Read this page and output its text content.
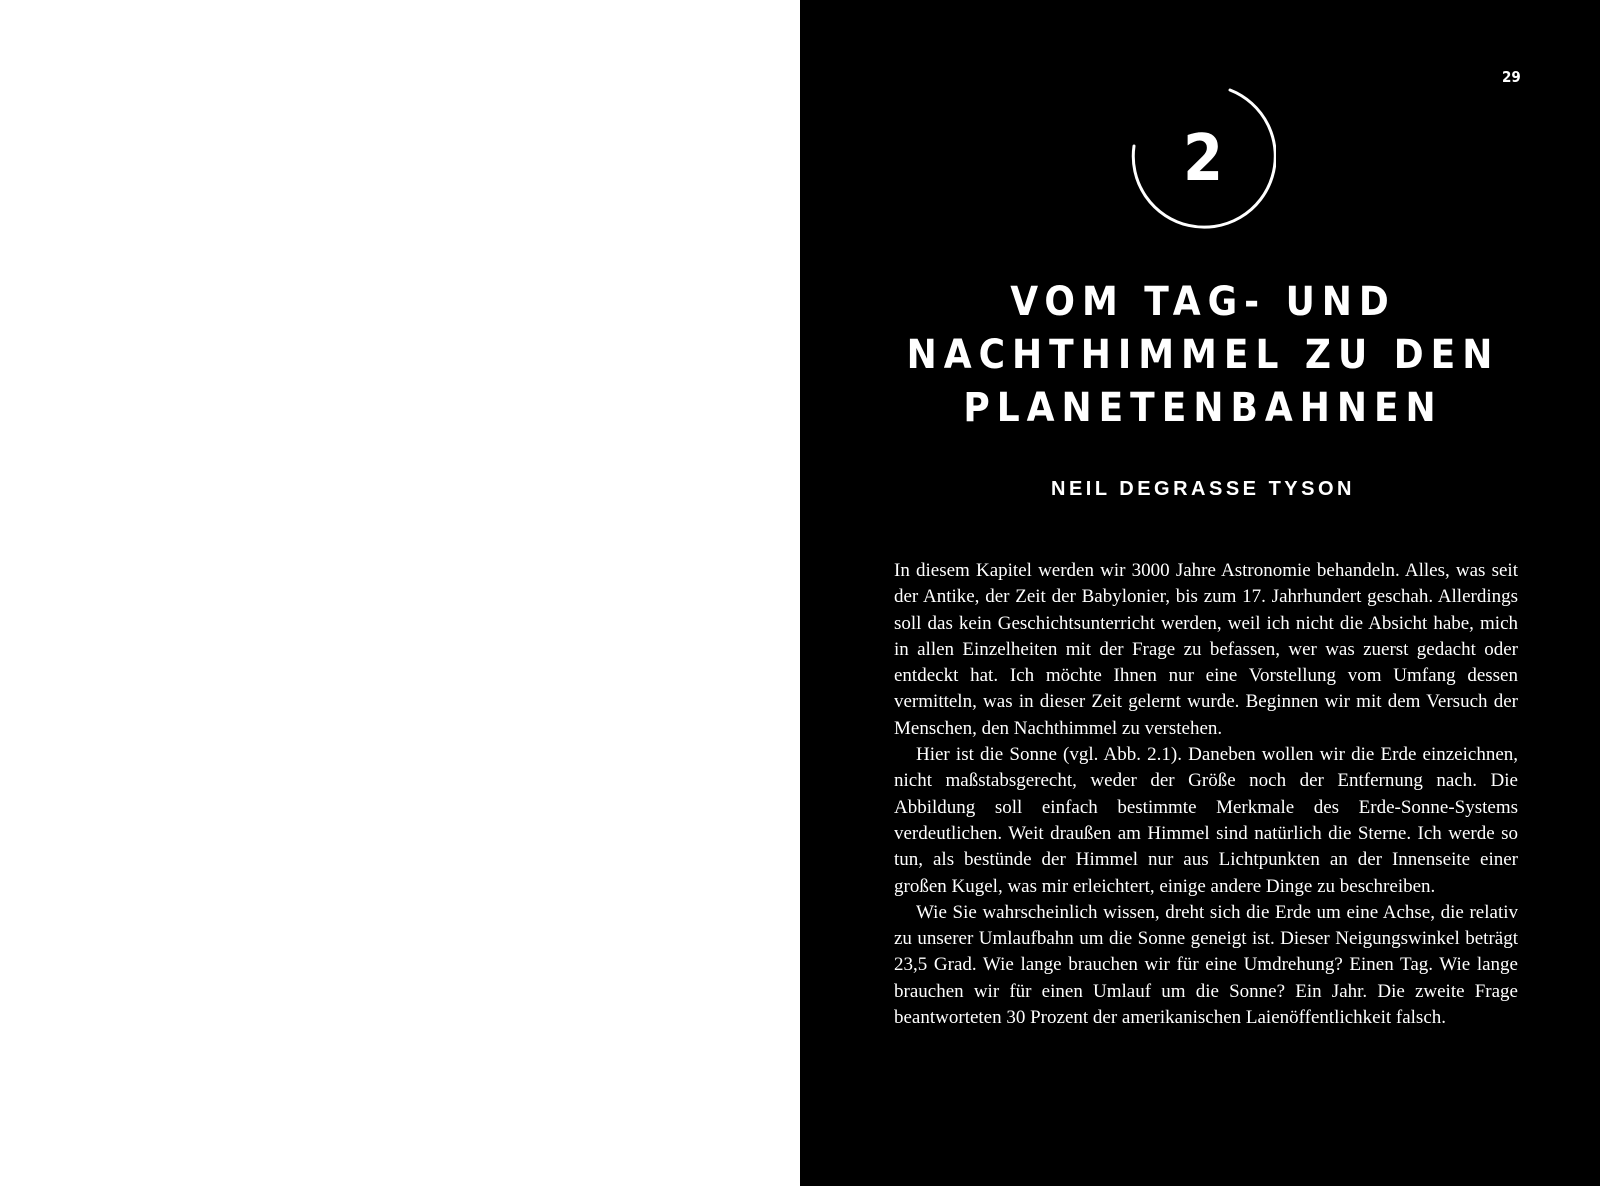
29
2
VOM TAG- UND
NACHTHIMMEL ZU DEN
PLANETENBAHNEN
NEIL DEGRASSE TYSON

In diesem Kapitel werden wir 3000 Jahre Astronomie behandeln. Alles, was seit der Antike, der Zeit der Babylonier, bis zum 17. Jahrhundert geschah. Allerdings soll das kein Geschichtsunterricht werden, weil ich nicht die Absicht habe, mich in allen Einzelheiten mit der Frage zu befassen, wer was zuerst gedacht oder entdeckt hat. Ich möchte Ihnen nur eine Vorstellung vom Umfang dessen vermitteln, was in dieser Zeit gelernt wurde. Beginnen wir mit dem Versuch der Menschen, den Nachthimmel zu verstehen.

Hier ist die Sonne (vgl. Abb. 2.1). Daneben wollen wir die Erde einzeichnen, nicht maßstabsgerecht, weder der Größe noch der Entfernung nach. Die Abbildung soll einfach bestimmte Merkmale des Erde-Sonne-Systems verdeutlichen. Weit draußen am Himmel sind natürlich die Sterne. Ich werde so tun, als bestünde der Himmel nur aus Lichtpunkten an der Innenseite einer großen Kugel, was mir erleichtert, einige andere Dinge zu beschreiben.

Wie Sie wahrscheinlich wissen, dreht sich die Erde um eine Achse, die relativ zu unserer Umlaufbahn um die Sonne geneigt ist. Dieser Neigungswinkel beträgt 23,5 Grad. Wie lange brauchen wir für eine Umdrehung? Einen Tag. Wie lange brauchen wir für einen Umlauf um die Sonne? Ein Jahr. Die zweite Frage beantworteten 30 Prozent der amerikanischen Laienöffentlichkeit falsch.
